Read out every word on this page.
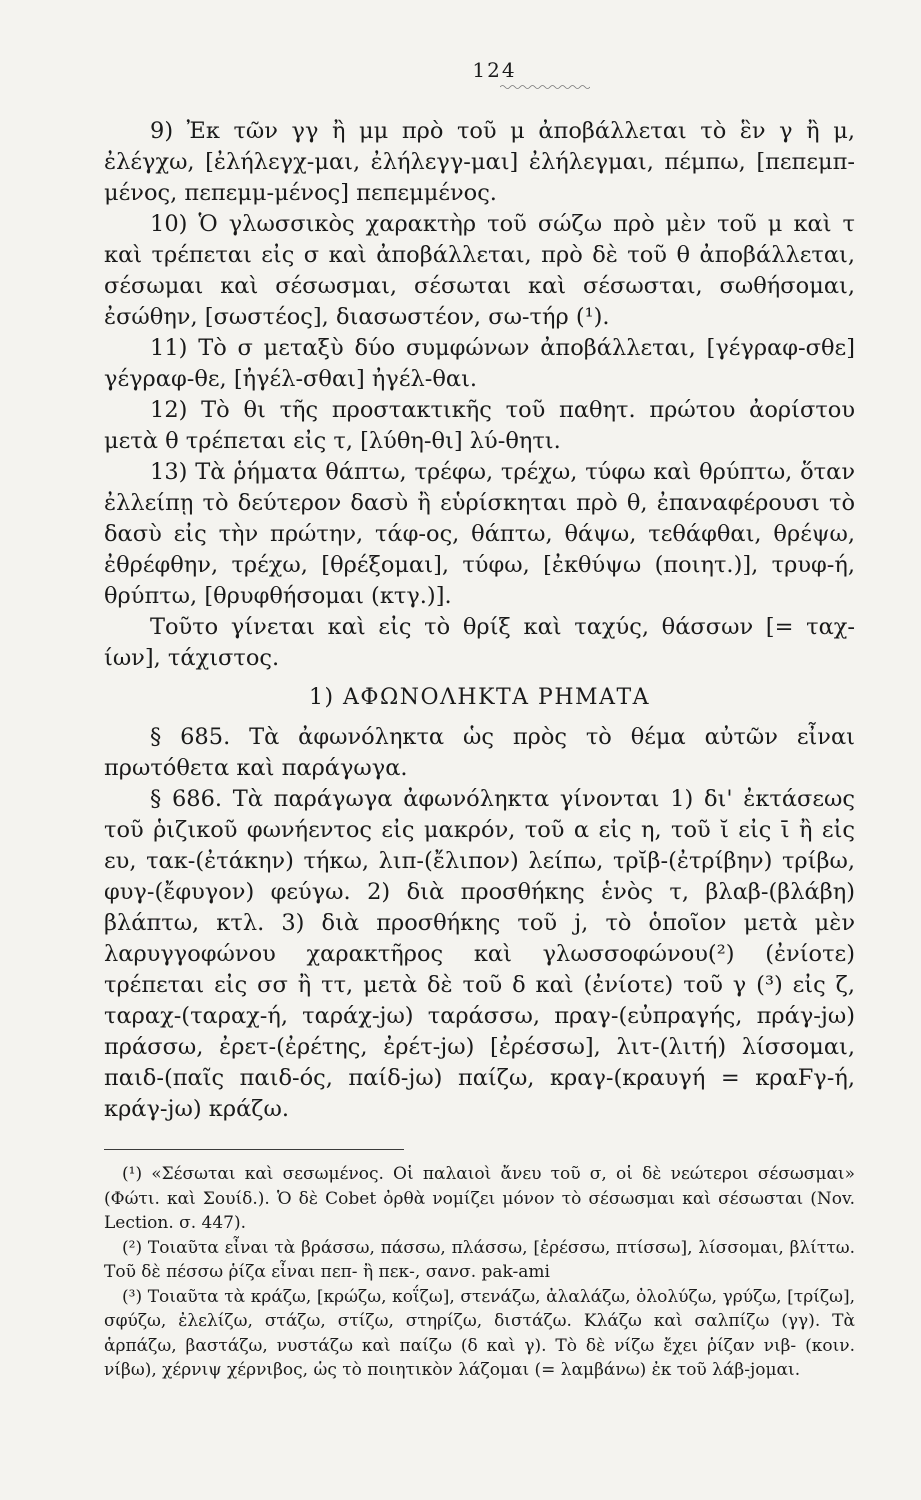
124

9) Ἐκ τῶν γγ ἢ μμ πρὸ τοῦ μ ἀποβάλλεται τὸ ἓν γ ἢ μ, ἐλέγχω, [ἐλήλεγχ-μαι, ἐλήλεγγ-μαι] ἐλήλεγμαι, πέμπω, [πεπεμπ-μένος, πεπεμμ-μένος] πεπεμμένος.

10) Ὁ γλωσσικὸς χαρακτὴρ τοῦ σώζω πρὸ μὲν τοῦ μ καὶ τ καὶ τρέπεται εἰς σ καὶ ἀποβάλλεται, πρὸ δὲ τοῦ θ ἀποβάλλεται, σέσωμαι καὶ σέσωσμαι, σέσωται καὶ σέσωσται, σωθήσομαι, ἐσώθην, [σωστέος], διασωστέον, σω-τήρ (¹).

11) Τὸ σ μεταξὺ δύο συμφώνων ἀποβάλλεται, [γέγραφ-σθε] γέγραφ-θε, [ἠγέλ-σθαι] ἠγέλ-θαι.

12) Τὸ θι τῆς προστακτικῆς τοῦ παθητ. πρώτου ἀορίστου μετὰ θ τρέπεται εἰς τ, [λύθη-θι] λύ-θητι.

13) Τὰ ῥήματα θάπτω, τρέφω, τρέχω, τύφω καὶ θρύπτω, ὅταν ἐλλείπῃ τὸ δεύτερον δασὺ ἢ εὑρίσκηται πρὸ θ, ἐπαναφέρουσι τὸ δασὺ εἰς τὴν πρώτην, τάφ-ος, θάπτω, θάψω, τεθάφθαι, θρέψω, ἐθρέφθην, τρέχω, [θρέξομαι], τύφω, [ἐκθύψω (ποιητ.)], τρυφ-ή, θρύπτω, [θρυφθήσομαι (κτγ.)].

Τοῦτο γίνεται καὶ εἰς τὸ θρίξ καὶ ταχύς, θάσσων [= ταχ-ίων], τάχιστος.

1) ΑΦΩΝΟΛΗΚΤΑ ΡΗΜΑΤΑ

§ 685. Τὰ ἀφωνόληκτα ὡς πρὸς τὸ θέμα αὐτῶν εἶναι πρωτόθετα καὶ παράγωγα.

§ 686. Τὰ παράγωγα ἀφωνόληκτα γίνονται 1) δι' ἐκτάσεως τοῦ ῥιζικοῦ φωνήεντος εἰς μακρόν, τοῦ α εἰς η, τοῦ ῐ εἰς ῑ ἢ εἰς ευ, τακ-(ἐτάκην) τήκω, λιπ-(ἔλιπον) λείπω, τρῐβ-(ἐτρίβην) τρίβω, φυγ-(ἔφυγον) φεύγω. 2) διὰ προσθήκης ἑνὸς τ, βλαβ-(βλάβη) βλάπτω, κτλ. 3) διὰ προσθήκης τοῦ j, τὸ ὁποῖον μετὰ μὲν λαρυγγοφώνου χαρακτῆρος καὶ γλωσσοφώνου(²) (ἐνίοτε) τρέπεται εἰς σσ ἢ ττ, μετὰ δὲ τοῦ δ καὶ (ἐνίοτε) τοῦ γ (³) εἰς ζ, ταραχ-(ταραχ-ή, ταράχ-jω) ταράσσω, πραγ-(εὐπραγής, πράγ-jω) πράσσω, ἐρετ-(ἐρέτης, ἐρέτ-jω) [ἐρέσσω], λιτ-(λιτή) λίσσομαι, παιδ-(παῖς παιδ-ός, παίδ-jω) παίζω, κραγ-(κραυγή = κραϜγ-ή, κράγ-jω) κράζω.

(¹) «Σέσωται καὶ σεσωμένος. Οἱ παλαιοὶ ἄνευ τοῦ σ, οἱ δὲ νεώτεροι σέσωσμαι» (Φώτι. καὶ Σουίδ.). Ὁ δὲ Cobet ὀρθὰ νομίζει μόνον τὸ σέσωσμαι καὶ σέσωσται (Nov. Lection. σ. 447).

(²) Τοιαῦτα εἶναι τὰ βράσσω, πάσσω, πλάσσω, [ἐρέσσω, πτίσσω], λίσσομαι, βλίττω. Τοῦ δὲ πέσσω ῥίζα εἶναι πεπ- ἢ πεκ-, σανσ. pak-ami

(³) Τοιαῦτα τὰ κράζω, [κρώζω, κοΐζω], στενάζω, ἀλαλάζω, ὀλολύζω, γρύζω, [τρίζω], σφύζω, ἐλελίζω, στάζω, στίζω, στηρίζω, διστάζω. Κλάζω καὶ σαλπίζω (γγ). Τὰ ἁρπάζω, βαστάζω, νυστάζω καὶ παίζω (δ καὶ γ). Τὸ δὲ νίζω ἔχει ῥίζαν νιβ- (κοιν. νίβω), χέρνιψ χέρνιβος, ὡς τὸ ποιητικὸν λάζομαι (= λαμβάνω) ἐκ τοῦ λάβ-jομαι.
